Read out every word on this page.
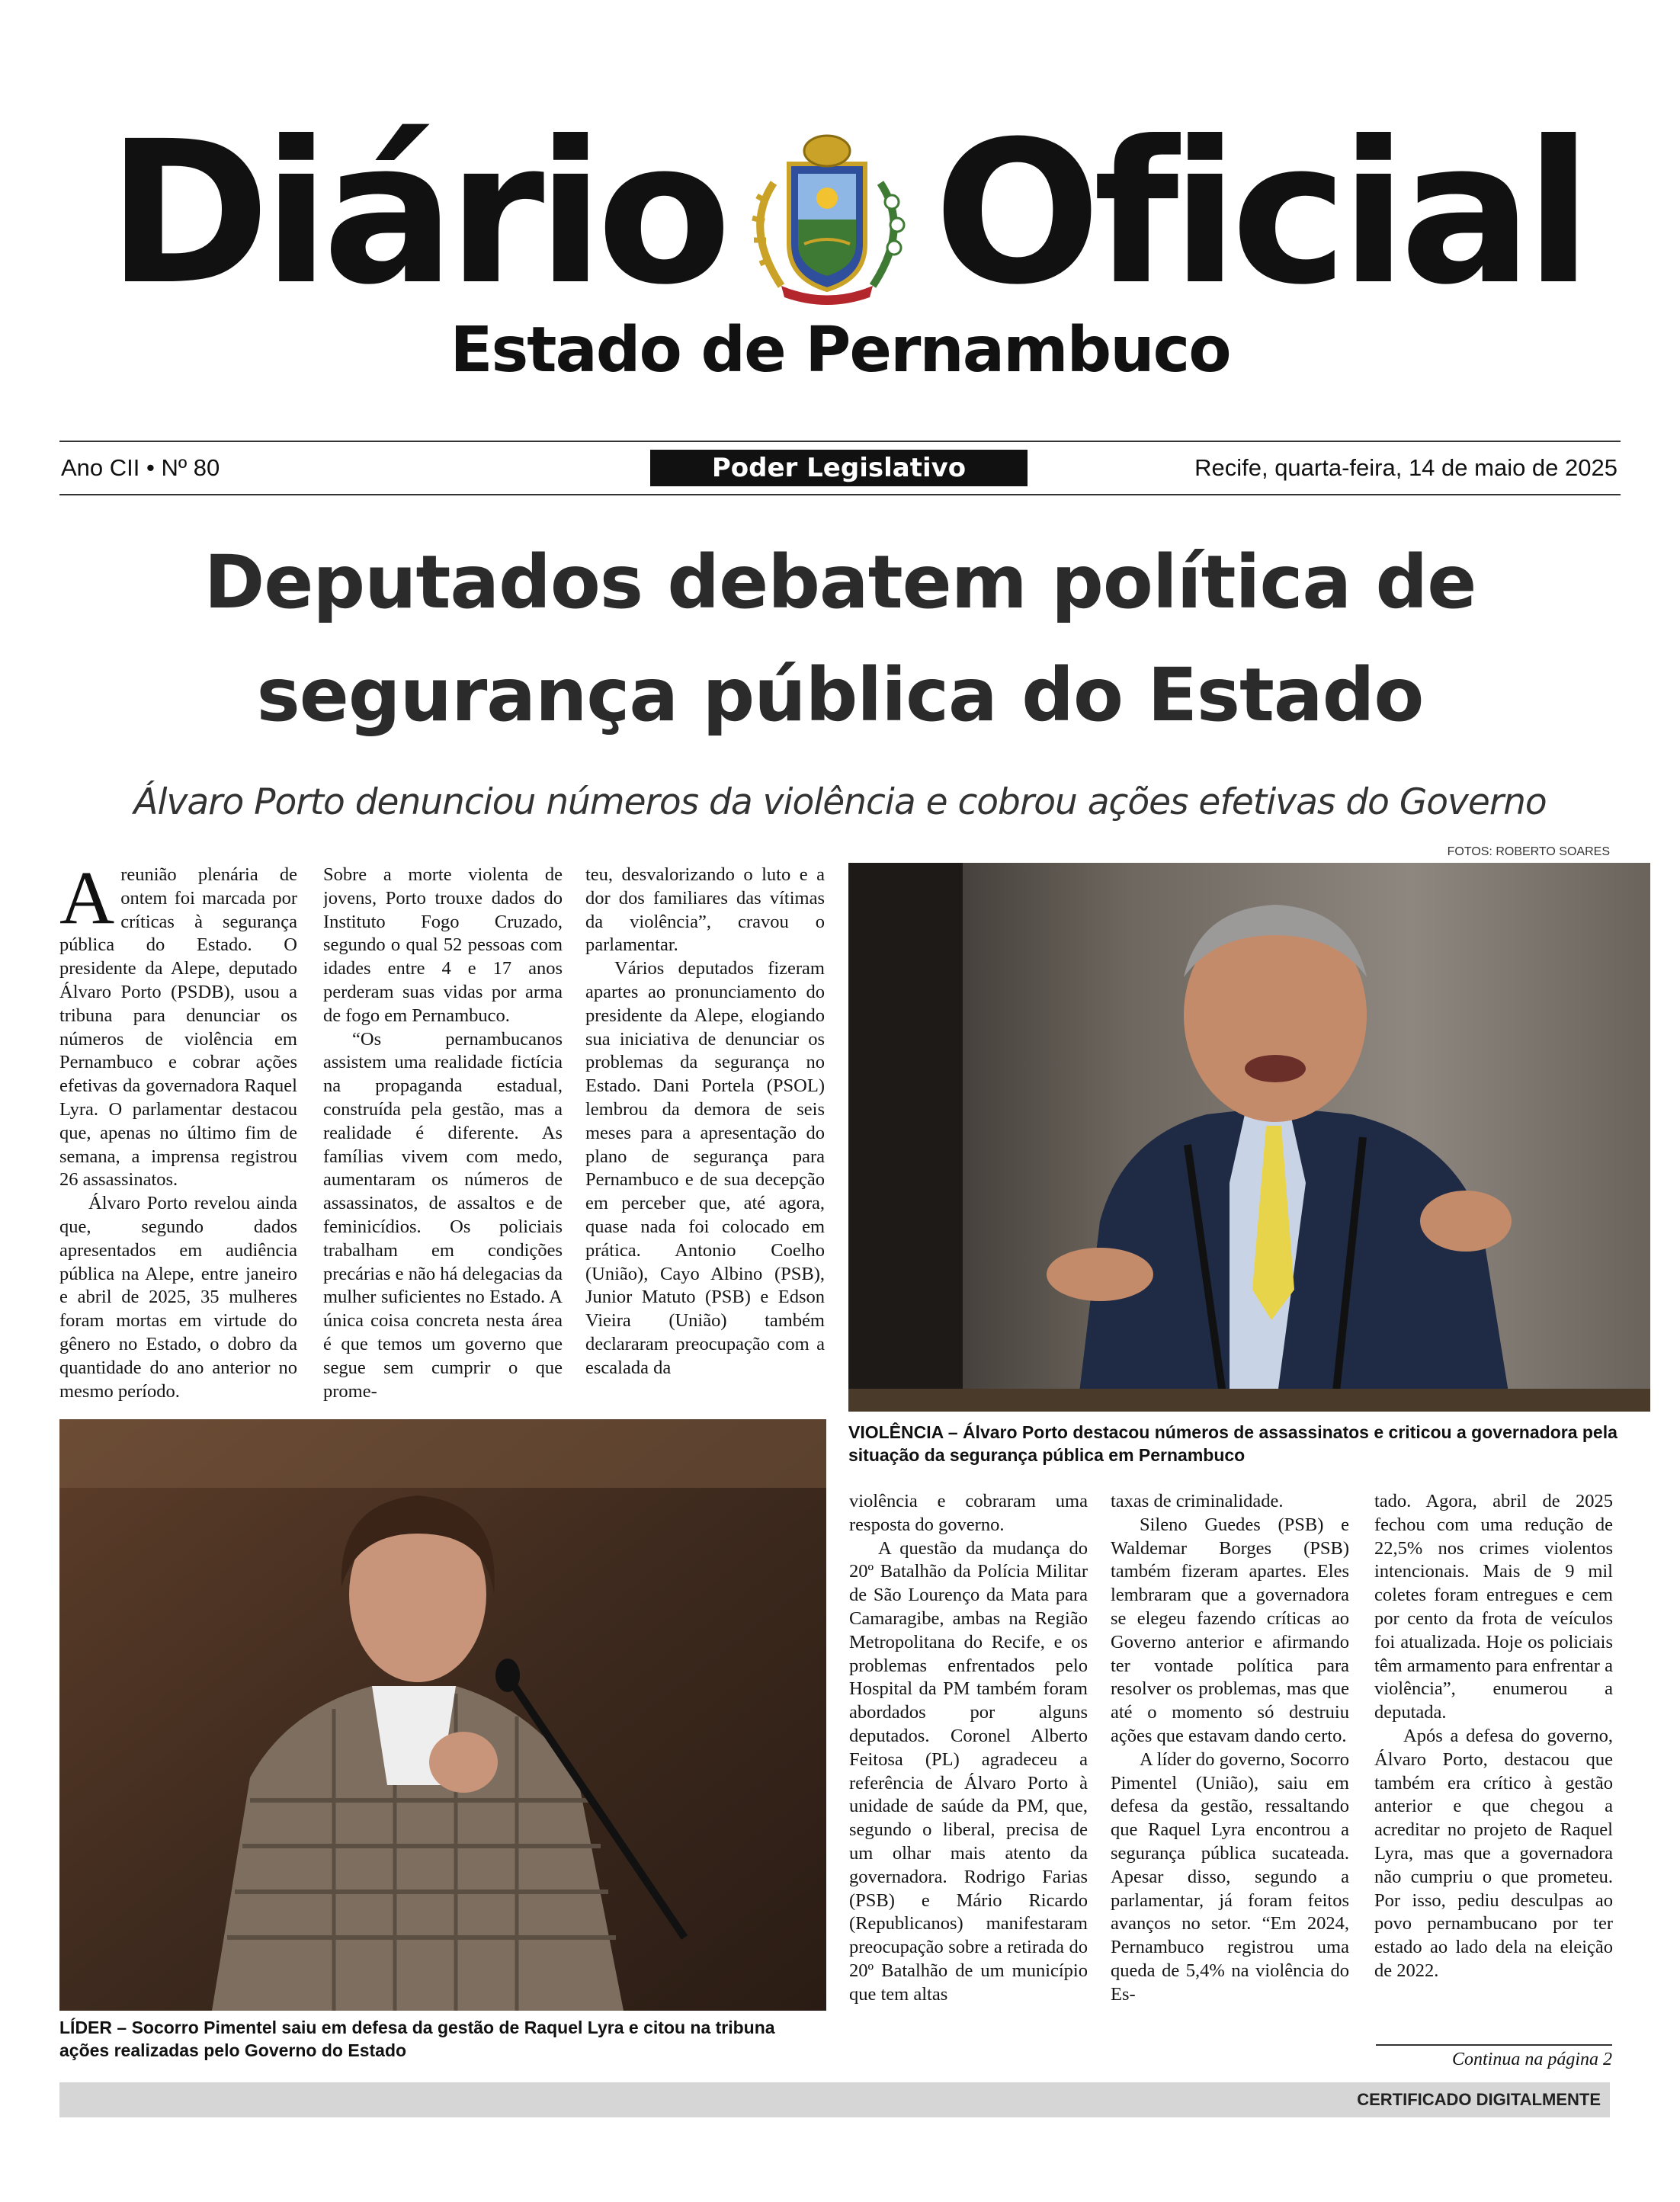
Diário Oficial
Estado de Pernambuco
Ano CII • Nº 80	Poder Legislativo	Recife, quarta-feira, 14 de maio de 2025
Deputados debatem política de
segurança pública do Estado
Álvaro Porto denunciou números da violência e cobrou ações efetivas do Governo
FOTOS: ROBERTO SOARES
A reunião plenária de ontem foi marcada por críticas à segurança pública do Estado. O presidente da Alepe, deputado Álvaro Porto (PSDB), usou a tribuna para denunciar os números de violência em Pernambuco e cobrar ações efetivas da governadora Raquel Lyra. O parlamentar destacou que, apenas no último fim de semana, a imprensa registrou 26 assassinatos.

Álvaro Porto revelou ainda que, segundo dados apresentados em audiência pública na Alepe, entre janeiro e abril de 2025, 35 mulheres foram mortas em virtude do gênero no Estado, o dobro da quantidade do ano anterior no mesmo período.

Sobre a morte violenta de jovens, Porto trouxe dados do Instituto Fogo Cruzado, segundo o qual 52 pessoas com idades entre 4 e 17 anos perderam suas vidas por arma de fogo em Pernambuco.

“Os pernambucanos assistem uma realidade fictícia na propaganda estadual, construída pela gestão, mas a realidade é diferente. As famílias vivem com medo, aumentaram os números de assassinatos, de assaltos e de feminicídios. Os policiais trabalham em condições precárias e não há delegacias da mulher suficientes no Estado. A única coisa concreta nesta área é que temos um governo que segue sem cumprir o que prome-

teu, desvalorizando o luto e a dor dos familiares das vítimas da violência”, cravou o parlamentar.

Vários deputados fizeram apartes ao pronunciamento do presidente da Alepe, elogiando sua iniciativa de denunciar os problemas da segurança no Estado. Dani Portela (PSOL) lembrou da demora de seis meses para a apresentação do plano de segurança para Pernambuco e de sua decepção em perceber que, até agora, quase nada foi colocado em prática. Antonio Coelho (União), Cayo Albino (PSB), Junior Matuto (PSB) e Edson Vieira (União) também declararam preocupação com a escalada da

VIOLÊNCIA – Álvaro Porto destacou números de assassinatos e criticou a governadora pela situação da segurança pública em Pernambuco
LÍDER – Socorro Pimentel saiu em defesa da gestão de Raquel Lyra e citou na tribuna ações realizadas pelo Governo do Estado

violência e cobraram uma resposta do governo.

A questão da mudança do 20º Batalhão da Polícia Militar de São Lourenço da Mata para Camaragibe, ambas na Região Metropolitana do Recife, e os problemas enfrentados pelo Hospital da PM também foram abordados por alguns deputados. Coronel Alberto Feitosa (PL) agradeceu a referência de Álvaro Porto à unidade de saúde da PM, que, segundo o liberal, precisa de um olhar mais atento da governadora. Rodrigo Farias (PSB) e Mário Ricardo (Republicanos) manifestaram preocupação sobre a retirada do 20º Batalhão de um município que tem altas

taxas de criminalidade.

Sileno Guedes (PSB) e Waldemar Borges (PSB) também fizeram apartes. Eles lembraram que a governadora se elegeu fazendo críticas ao Governo anterior e afirmando ter vontade política para resolver os problemas, mas que até o momento só destruiu ações que estavam dando certo.

A líder do governo, Socorro Pimentel (União), saiu em defesa da gestão, ressaltando que Raquel Lyra encontrou a segurança pública sucateada. Apesar disso, segundo a parlamentar, já foram feitos avanços no setor. “Em 2024, Pernambuco registrou uma queda de 5,4% na violência do Es-

tado. Agora, abril de 2025 fechou com uma redução de 22,5% nos crimes violentos intencionais. Mais de 9 mil coletes foram entregues e cem por cento da frota de veículos foi atualizada. Hoje os policiais têm armamento para enfrentar a violência”, enumerou a deputada.

Após a defesa do governo, Álvaro Porto, destacou que também era crítico à gestão anterior e que chegou a acreditar no projeto de Raquel Lyra, mas que a governadora não cumpriu o que prometeu. Por isso, pediu desculpas ao povo pernambucano por ter estado ao lado dela na eleição de 2022.

Continua na página 2
CERTIFICADO DIGITALMENTE
